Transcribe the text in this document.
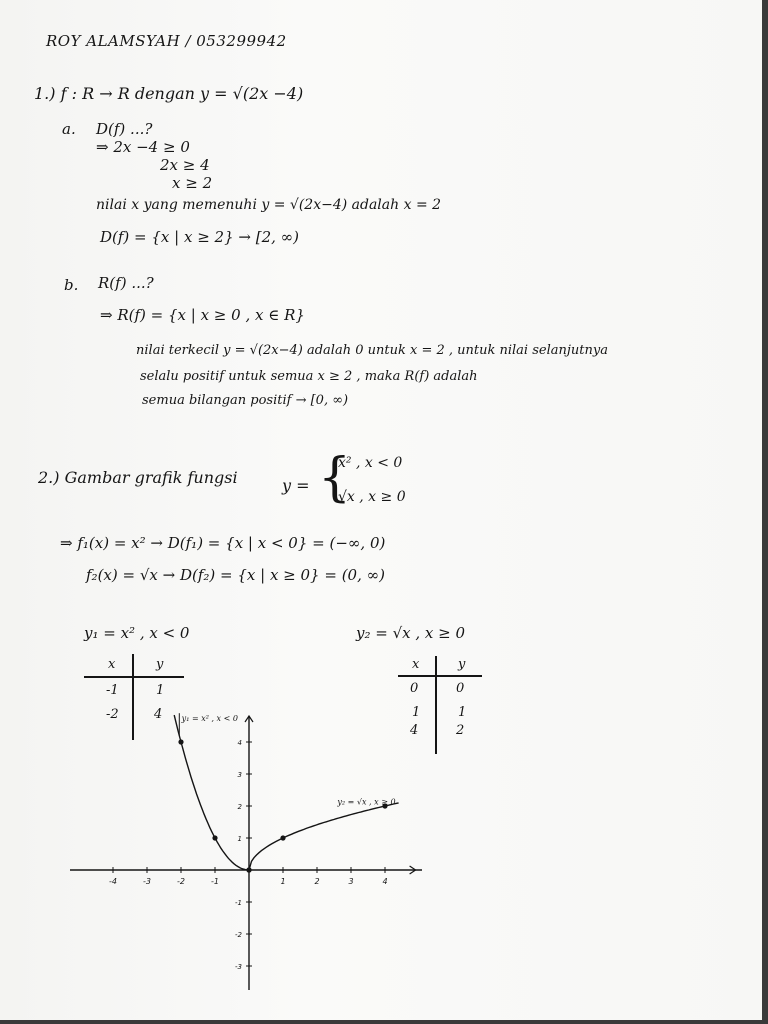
ROY ALAMSYAH / 053299942
1.) f : R → R dengan y = √(2x −4)
a. D(f) ...?
⇒ 2x −4 ≥ 0
2x ≥ 4
x ≥ 2
nilai x yang memenuhi y = √(2x−4) adalah x = 2
D(f) = {x | x ≥ 2} → [2, ∞)
b. R(f) ...?
⇒ R(f) = {x | x ≥ 0 , x ∈ R}
nilai terkecil y = √(2x−4) adalah 0 untuk x = 2 , untuk nilai selanjutnya
selalu positif untuk semua x ≥ 2 , maka R(f) adalah
semua bilangan positif → [0, ∞)
2.) Gambar grafik fungsi	y = {
x² , x < 0
√x , x ≥ 0
⇒ f₁(x) = x² → D(f₁) = {x | x < 0} = (−∞, 0)
f₂(x) = √x → D(f₂) = {x | x ≥ 0} = (0, ∞)
y₁ = x² , x < 0
x	y
-1	1
-2	4
y₂ = √x , x ≥ 0
x	y
0	0
1	1
4	2
-4	-3	-2	-1	1	2	3	4
4
3
2
1
-1
-2
-3
y₁ = x² , x < 0
y₂ = √x , x ≥ 0
